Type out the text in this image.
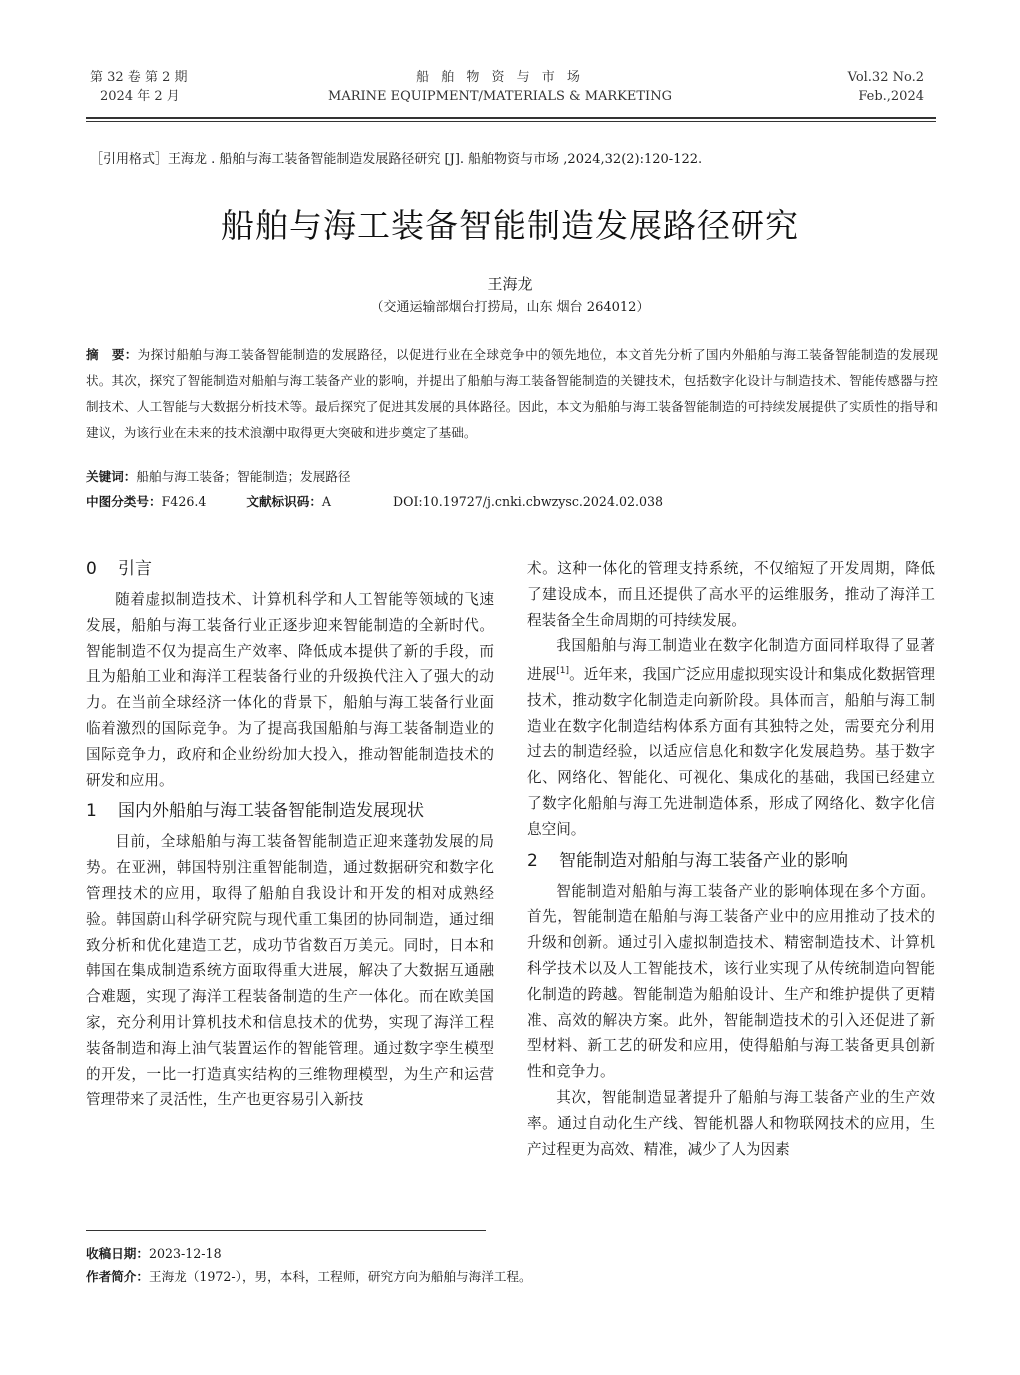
第 32 卷 第 2 期
2024 年 2 月
船 舶 物 资 与 市 场
MARINE EQUIPMENT/MATERIALS & MARKETING
Vol.32 No.2
Feb.,2024
［引用格式］王海龙 . 船舶与海工装备智能制造发展路径研究 [J]. 船舶物资与市场 ,2024,32(2):120-122.
船舶与海工装备智能制造发展路径研究
王海龙
（交通运输部烟台打捞局，山东 烟台 264012）
摘　要：为探讨船舶与海工装备智能制造的发展路径，以促进行业在全球竞争中的领先地位，本文首先分析了国内外船舶与海工装备智能制造的发展现状。其次，探究了智能制造对船舶与海工装备产业的影响，并提出了船舶与海工装备智能制造的关键技术，包括数字化设计与制造技术、智能传感器与控制技术、人工智能与大数据分析技术等。最后探究了促进其发展的具体路径。因此，本文为船舶与海工装备智能制造的可持续发展提供了实质性的指导和建议，为该行业在未来的技术浪潮中取得更大突破和进步奠定了基础。
关键词：船舶与海工装备；智能制造；发展路径
中图分类号：F426.4	文献标识码：A	DOI:10.19727/j.cnki.cbwzysc.2024.02.038
0 引言

随着虚拟制造技术、计算机科学和人工智能等领域的飞速发展，船舶与海工装备行业正逐步迎来智能制造的全新时代。智能制造不仅为提高生产效率、降低成本提供了新的手段，而且为船舶工业和海洋工程装备行业的升级换代注入了强大的动力。在当前全球经济一体化的背景下，船舶与海工装备行业面临着激烈的国际竞争。为了提高我国船舶与海工装备制造业的国际竞争力，政府和企业纷纷加大投入，推动智能制造技术的研发和应用。

1 国内外船舶与海工装备智能制造发展现状

目前，全球船舶与海工装备智能制造正迎来蓬勃发展的局势。在亚洲，韩国特别注重智能制造，通过数据研究和数字化管理技术的应用，取得了船舶自我设计和开发的相对成熟经验。韩国蔚山科学研究院与现代重工集团的协同制造，通过细致分析和优化建造工艺，成功节省数百万美元。同时，日本和韩国在集成制造系统方面取得重大进展，解决了大数据互通融合难题，实现了海洋工程装备制造的生产一体化。而在欧美国家，充分利用计算机技术和信息技术的优势，实现了海洋工程装备制造和海上油气装置运作的智能管理。通过数字孪生模型的开发，一比一打造真实结构的三维物理模型，为生产和运营管理带来了灵活性，生产也更容易引入新技

术。这种一体化的管理支持系统，不仅缩短了开发周期，降低了建设成本，而且还提供了高水平的运维服务，推动了海洋工程装备全生命周期的可持续发展。

我国船舶与海工制造业在数字化制造方面同样取得了显著进展[1]。近年来，我国广泛应用虚拟现实设计和集成化数据管理技术，推动数字化制造走向新阶段。具体而言，船舶与海工制造业在数字化制造结构体系方面有其独特之处，需要充分利用过去的制造经验，以适应信息化和数字化发展趋势。基于数字化、网络化、智能化、可视化、集成化的基础，我国已经建立了数字化船舶与海工先进制造体系，形成了网络化、数字化信息空间。

2 智能制造对船舶与海工装备产业的影响

智能制造对船舶与海工装备产业的影响体现在多个方面。首先，智能制造在船舶与海工装备产业中的应用推动了技术的升级和创新。通过引入虚拟制造技术、精密制造技术、计算机科学技术以及人工智能技术，该行业实现了从传统制造向智能化制造的跨越。智能制造为船舶设计、生产和维护提供了更精准、高效的解决方案。此外，智能制造技术的引入还促进了新型材料、新工艺的研发和应用，使得船舶与海工装备更具创新性和竞争力。

其次，智能制造显著提升了船舶与海工装备产业的生产效率。通过自动化生产线、智能机器人和物联网技术的应用，生产过程更为高效、精准，减少了人为因素

收稿日期：2023-12-18
作者简介：王海龙（1972-），男，本科，工程师，研究方向为船舶与海洋工程。
